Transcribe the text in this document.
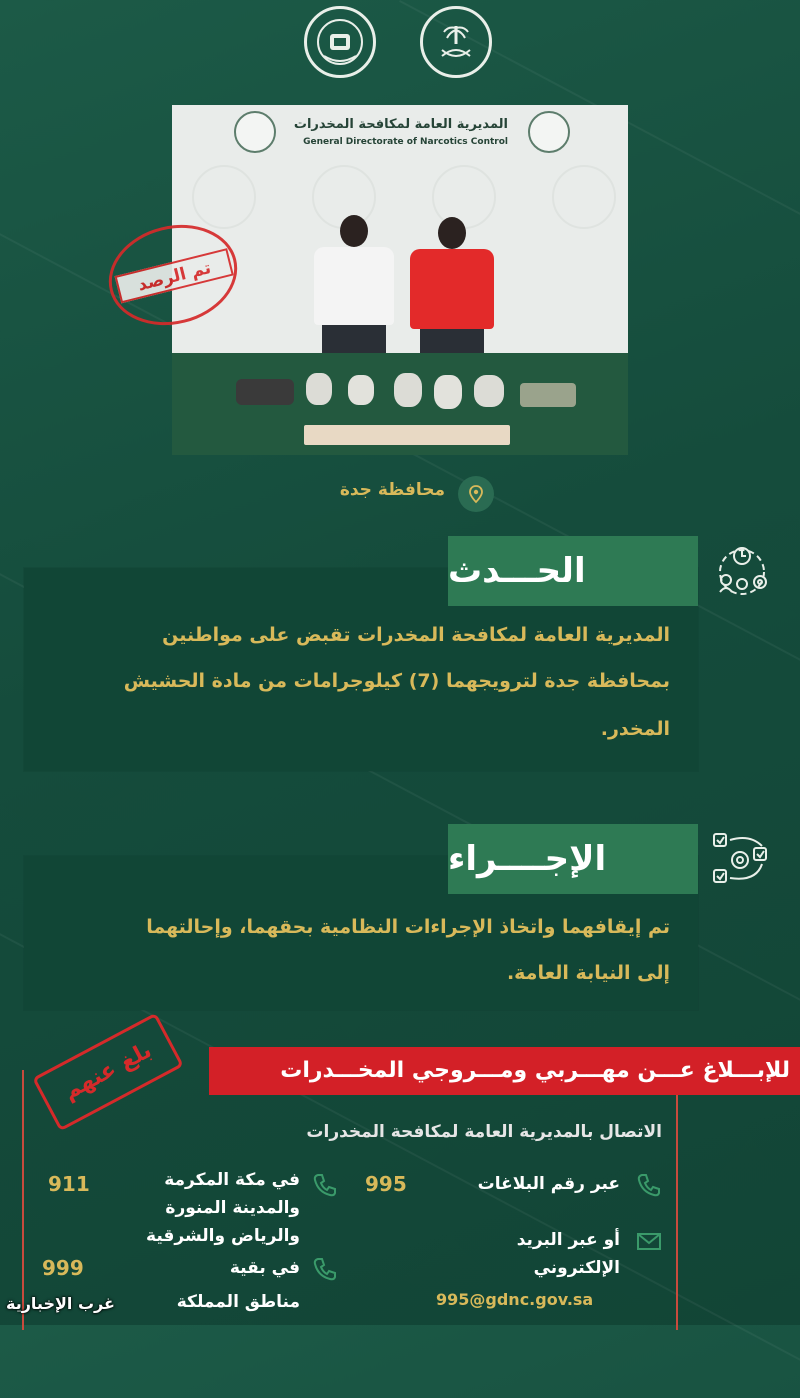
المديرية العامة لمكافحة المخدرات
General Directorate of Narcotics Control
تم الرصد
محافظة جدة
الحـــدث
المديرية العامة لمكافحة المخدرات تقبض على مواطنين
بمحافظة جدة لترويجهما (7) كيلوجرامات من مادة الحشيش
المخدر.
الإجــــراء
تم إيقافهما واتخاذ الإجراءات النظامية بحقهما، وإحالتهما
إلى النيابة العامة.
للإبـــلاغ عـــن مهـــربي ومـــروجي المخـــدرات
بلغ عنهم
الاتصال بالمديرية العامة لمكافحة المخدرات
عبر رقم البلاغات
995
أو عبر البريد
الإلكتروني
995@gdnc.gov.sa
في مكة المكرمة
والمدينة المنورة
والرياض والشرقية
911
في بقية
مناطق المملكة
999
غرب الإخبارية
